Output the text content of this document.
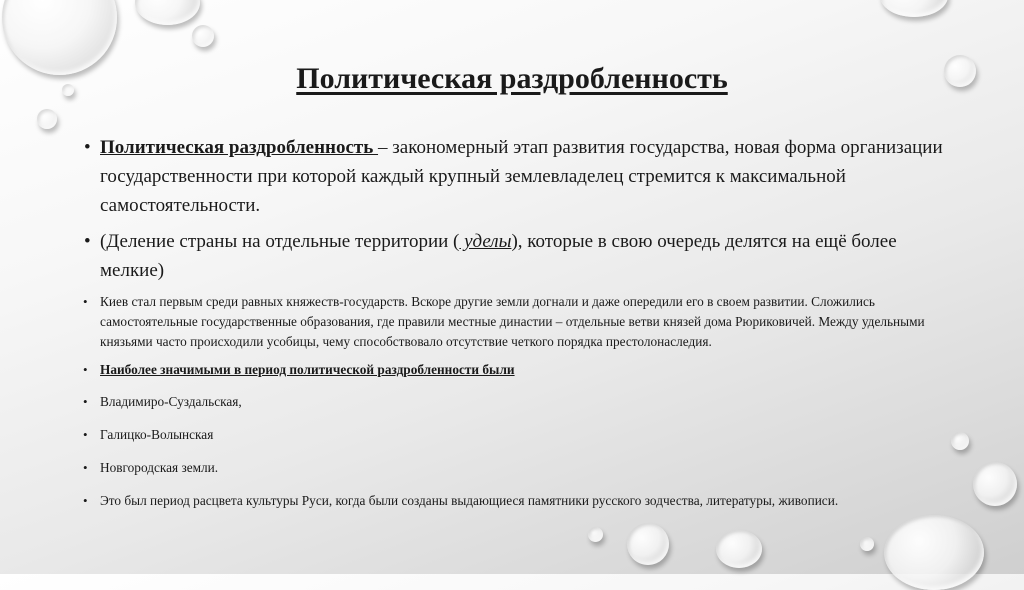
Политическая раздробленность
• Политическая раздробленность – закономерный этап развития государства, новая форма организации государственности при которой каждый крупный землевладелец стремится к максимальной самостоятельности.
• (Деление страны на отдельные территории ( уделы), которые в свою очередь делятся на ещё более мелкие)
• Киев стал первым среди равных княжеств-государств. Вскоре другие земли догнали и даже опередили его в своем развитии. Сложились самостоятельные государственные образования, где правили местные династии – отдельные ветви князей дома Рюриковичей. Между удельными князьями часто происходили усобицы, чему способствовало отсутствие четкого порядка престолонаследия.
• Наиболее значимыми в период политической раздробленности были
• Владимиро-Суздальская,
• Галицко-Волынская
• Новгородская земли.
• Это был период расцвета культуры Руси, когда были созданы выдающиеся памятники русского зодчества, литературы, живописи.
